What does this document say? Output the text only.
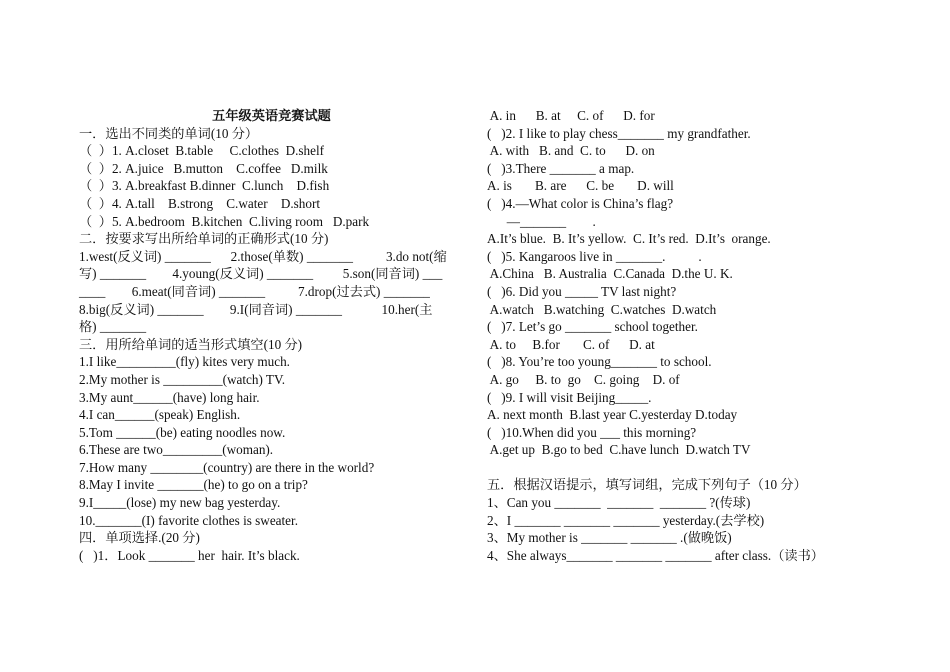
五年级英语竞赛试题
一．选出不同类的单词(10 分）
（  ）1. A.closet  B.table     C.clothes  D.shelf
（  ）2. A.juice   B.mutton    C.coffee   D.milk
（  ）3. A.breakfast B.dinner  C.lunch    D.fish
（  ）4. A.tall    B.strong    C.water    D.short
（  ）5. A.bedroom  B.kitchen  C.living room   D.park
二．按要求写出所给单词的正确形式(10 分)
1.west(反义词) _______      2.those(单数) _______          3.do not(缩
写) _______        4.young(反义词) _______         5.son(同音词) ___
____        6.meat(同音词) _______          7.drop(过去式) _______
8.big(反义词) _______        9.I(同音词) _______            10.her(主
格) _______
三．用所给单词的适当形式填空(10 分)
1.I like_________(fly) kites very much.
2.My mother is _________(watch) TV.
3.My aunt______(have) long hair.
4.I can______(speak) English.
5.Tom ______(be) eating noodles now.
6.These are two_________(woman).
7.How many ________(country) are there in the world?
8.May I invite _______(he) to go on a trip?
9.I_____(lose) my new bag yesterday.
10._______(I) favorite clothes is sweater.
四．单项选择.(20 分)
(   )1．Look _______ her  hair. It’s black.
A. in      B. at     C. of      D. for
(   )2. I like to play chess_______ my grandfather.
A. with   B. and  C. to      D. on
(   )3.There _______ a map.
A. is       B. are      C. be       D. will
(   )4.—What color is China’s flag?
—_______        .
A.It’s blue.  B. It’s yellow.  C. It’s red.  D.It’s  orange.
(   )5. Kangaroos live in _______.          .
A.China   B. Australia  C.Canada  D.the U. K.
(   )6. Did you _____ TV last night?
A.watch   B.watching  C.watches  D.watch
(   )7. Let’s go _______ school together.
A. to     B.for       C. of      D. at
(   )8. You’re too young_______ to school.
A. go     B. to  go    C. going    D. of
(   )9. I will visit Beijing_____.
A. next month  B.last year C.yesterday D.today
(   )10.When did you ___ this morning?
A.get up  B.go to bed  C.have lunch  D.watch TV
五．根据汉语提示，填写词组，完成下列句子（10 分）
1、Can you _______  _______  _______ ?(传球)
2、I _______ _______ _______ yesterday.(去学校)
3、My mother is _______ _______ .(做晚饭)
4、She always_______ _______ _______ after class.（读书）
